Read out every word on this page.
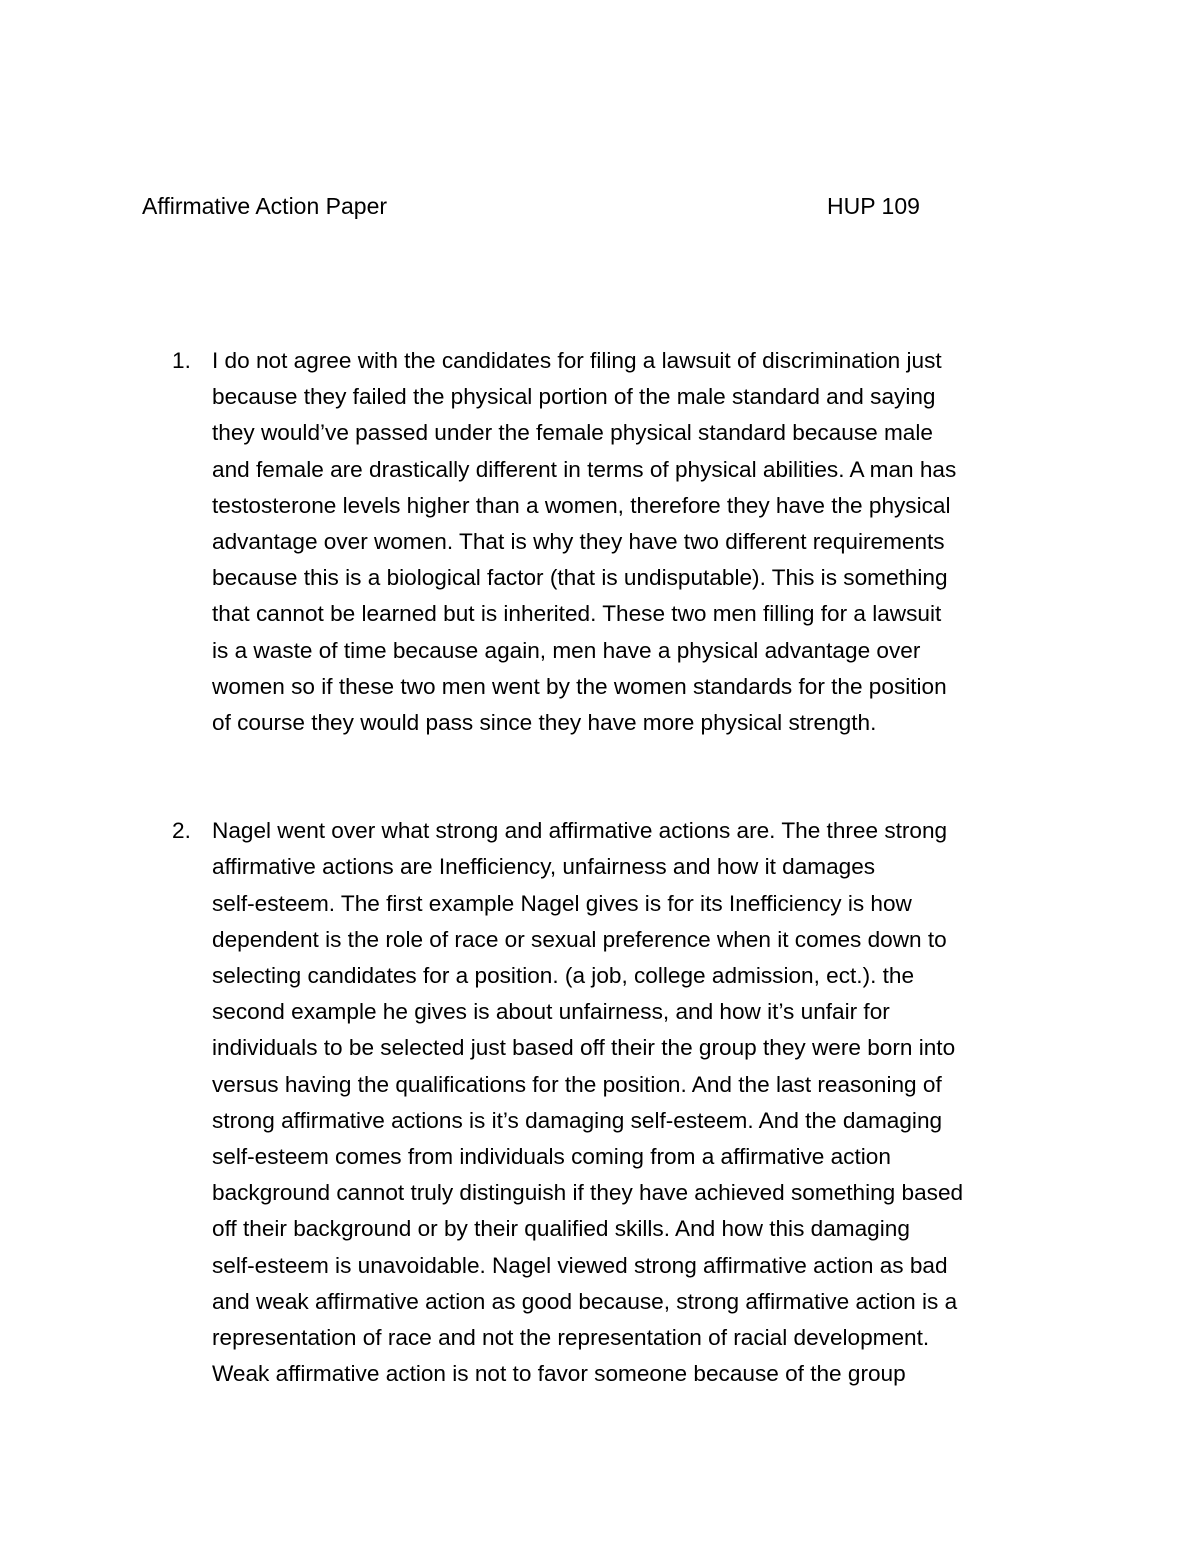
Affirmative Action Paper	HUP 109
1. I do not agree with the candidates for filing a lawsuit of discrimination just
because they failed the physical portion of the male standard and saying
they would’ve passed under the female physical standard because male
and female are drastically different in terms of physical abilities. A man has
testosterone levels higher than a women, therefore they have the physical
advantage over women. That is why they have two different requirements
because this is a biological factor (that is undisputable). This is something
that cannot be learned but is inherited. These two men filling for a lawsuit
is a waste of time because again, men have a physical advantage over
women so if these two men went by the women standards for the position
of course they would pass since they have more physical strength.
2. Nagel went over what strong and affirmative actions are. The three strong
affirmative actions are Inefficiency, unfairness and how it damages
self-esteem. The first example Nagel gives is for its Inefficiency is how
dependent is the role of race or sexual preference when it comes down to
selecting candidates for a position. (a job, college admission, ect.). the
second example he gives is about unfairness, and how it’s unfair for
individuals to be selected just based off their the group they were born into
versus having the qualifications for the position. And the last reasoning of
strong affirmative actions is it’s damaging self-esteem. And the damaging
self-esteem comes from individuals coming from a affirmative action
background cannot truly distinguish if they have achieved something based
off their background or by their qualified skills. And how this damaging
self-esteem is unavoidable. Nagel viewed strong affirmative action as bad
and weak affirmative action as good because, strong affirmative action is a
representation of race and not the representation of racial development.
Weak affirmative action is not to favor someone because of the group
